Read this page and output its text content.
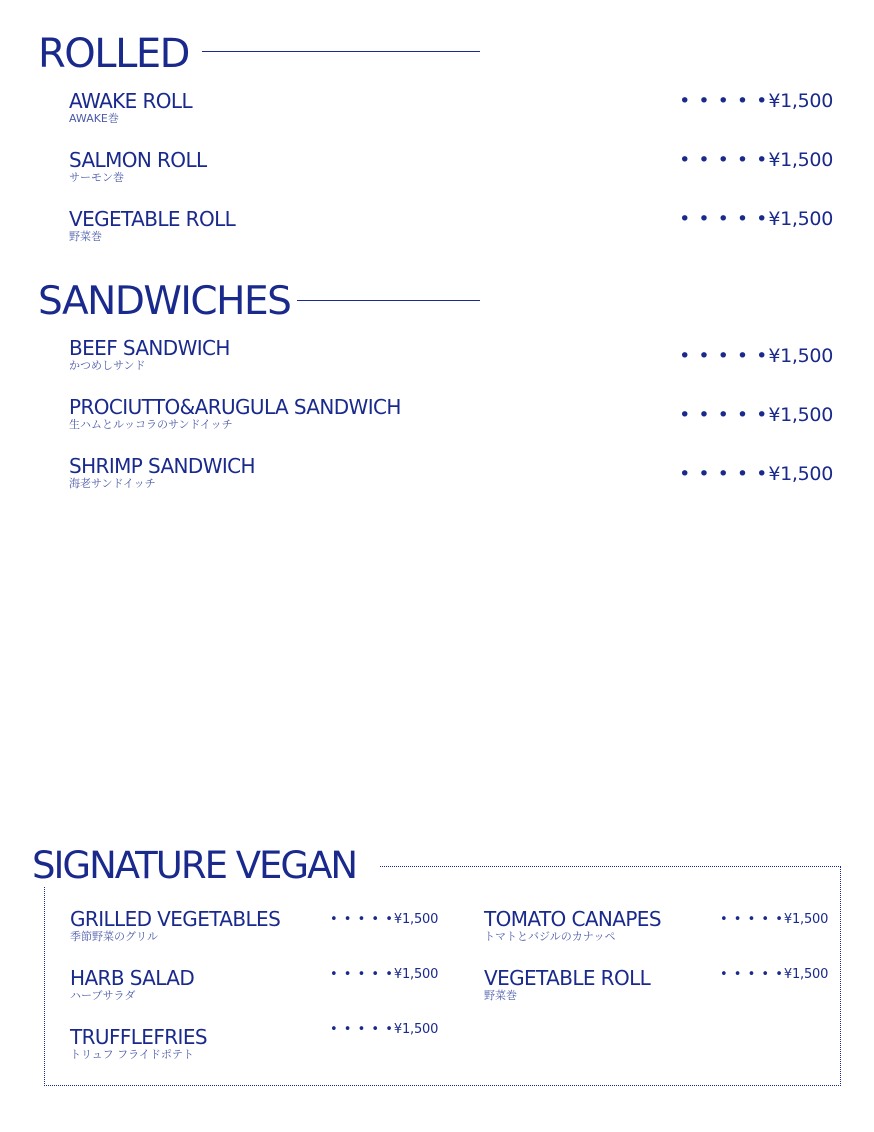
ROLLED
AWAKE ROLL
AWAKE巻
• • • • •¥1,500
SALMON ROLL
サーモン巻
• • • • •¥1,500
VEGETABLE ROLL
野菜巻
• • • • •¥1,500
SANDWICHES
BEEF SANDWICH
かつめしサンド	• • • • •¥1,500
PROCIUTTO&ARUGULA SANDWICH
生ハムとルッコラのサンドイッチ	• • • • •¥1,500
SHRIMP SANDWICH
海老サンドイッチ	• • • • •¥1,500
SIGNATURE VEGAN
GRILLED VEGETABLES
季節野菜のグリル
• • • • •¥1,500
HARB SALAD
ハーブサラダ
• • • • •¥1,500
TRUFFLEFRIES
トリュフ フライドポテト
• • • • •¥1,500
TOMATO CANAPES
トマトとバジルのカナッペ
• • • • •¥1,500
VEGETABLE ROLL
野菜巻
• • • • •¥1,500
